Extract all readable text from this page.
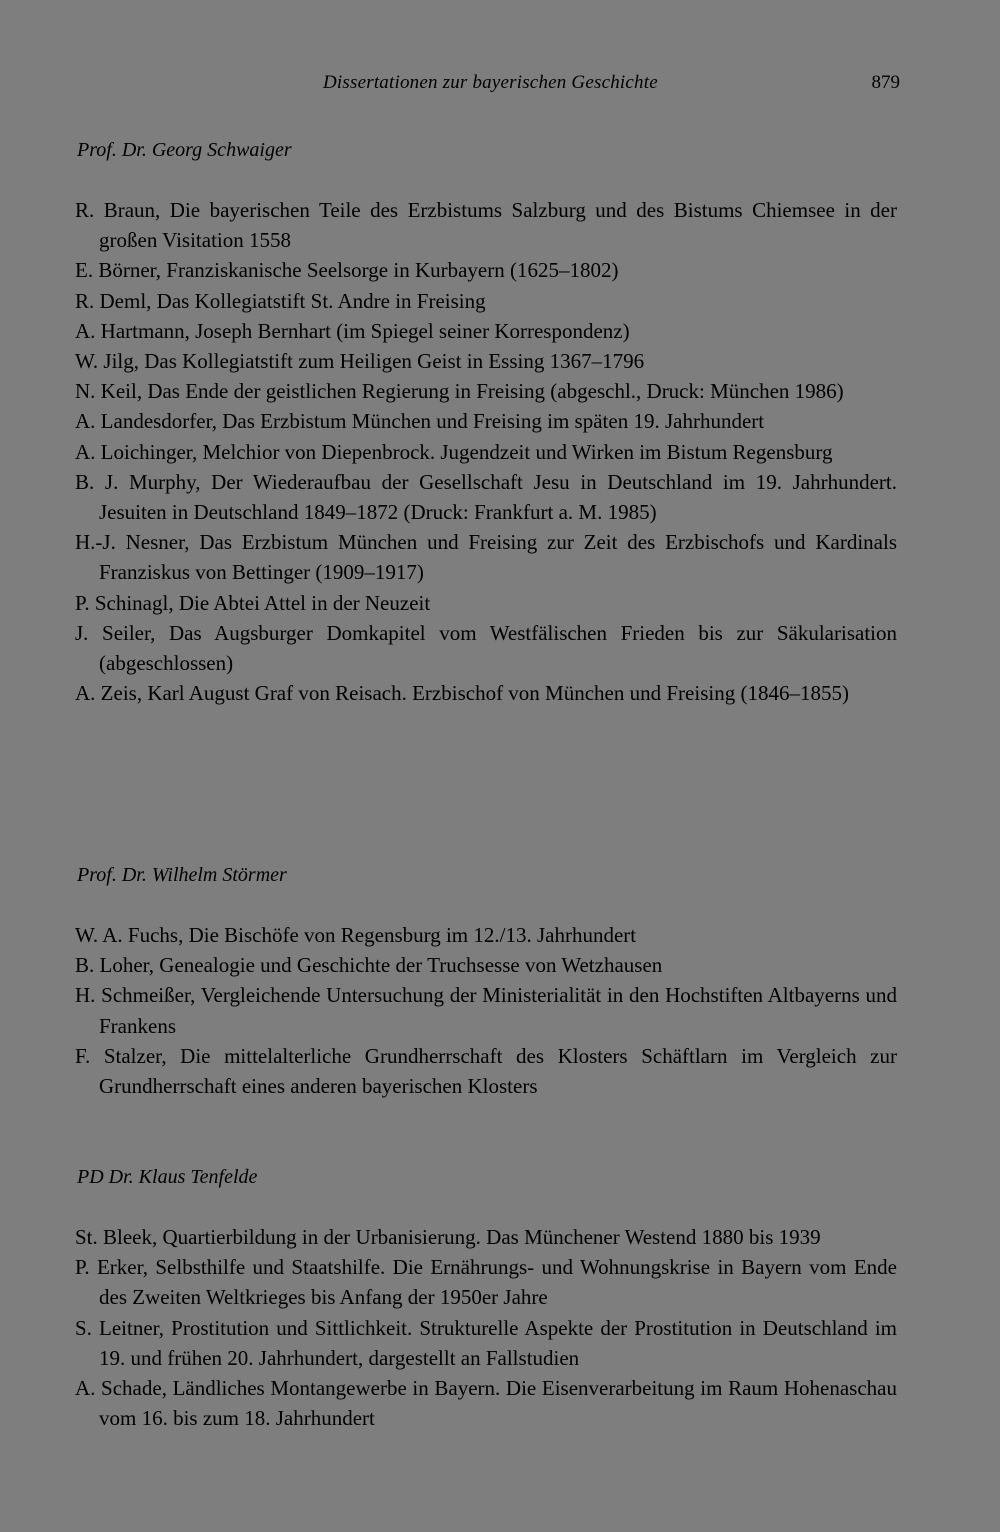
Dissertationen zur bayerischen Geschichte	879

Prof. Dr. Georg Schwaiger

R. Braun, Die bayerischen Teile des Erzbistums Salzburg und des Bistums Chiemsee in der großen Visitation 1558
E. Börner, Franziskanische Seelsorge in Kurbayern (1625–1802)
R. Deml, Das Kollegiatstift St. Andre in Freising
A. Hartmann, Joseph Bernhart (im Spiegel seiner Korrespondenz)
W. Jilg, Das Kollegiatstift zum Heiligen Geist in Essing 1367–1796
N. Keil, Das Ende der geistlichen Regierung in Freising (abgeschl., Druck: München 1986)
A. Landesdorfer, Das Erzbistum München und Freising im späten 19. Jahrhundert
A. Loichinger, Melchior von Diepenbrock. Jugendzeit und Wirken im Bistum Regensburg
B. J. Murphy, Der Wiederaufbau der Gesellschaft Jesu in Deutschland im 19. Jahrhundert. Jesuiten in Deutschland 1849–1872 (Druck: Frankfurt a. M. 1985)
H.-J. Nesner, Das Erzbistum München und Freising zur Zeit des Erzbischofs und Kardinals Franziskus von Bettinger (1909–1917)
P. Schinagl, Die Abtei Attel in der Neuzeit
J. Seiler, Das Augsburger Domkapitel vom Westfälischen Frieden bis zur Säkularisation (abgeschlossen)
A. Zeis, Karl August Graf von Reisach. Erzbischof von München und Freising (1846–1855)

Prof. Dr. Wilhelm Störmer

W. A. Fuchs, Die Bischöfe von Regensburg im 12./13. Jahrhundert
B. Loher, Genealogie und Geschichte der Truchsesse von Wetzhausen
H. Schmeißer, Vergleichende Untersuchung der Ministerialität in den Hochstiften Altbayerns und Frankens
F. Stalzer, Die mittelalterliche Grundherrschaft des Klosters Schäftlarn im Vergleich zur Grundherrschaft eines anderen bayerischen Klosters

PD Dr. Klaus Tenfelde

St. Bleek, Quartierbildung in der Urbanisierung. Das Münchener Westend 1880 bis 1939
P. Erker, Selbsthilfe und Staatshilfe. Die Ernährungs- und Wohnungskrise in Bayern vom Ende des Zweiten Weltkrieges bis Anfang der 1950er Jahre
S. Leitner, Prostitution und Sittlichkeit. Strukturelle Aspekte der Prostitution in Deutschland im 19. und frühen 20. Jahrhundert, dargestellt an Fallstudien
A. Schade, Ländliches Montangewerbe in Bayern. Die Eisenverarbeitung im Raum Hohenaschau vom 16. bis zum 18. Jahrhundert
